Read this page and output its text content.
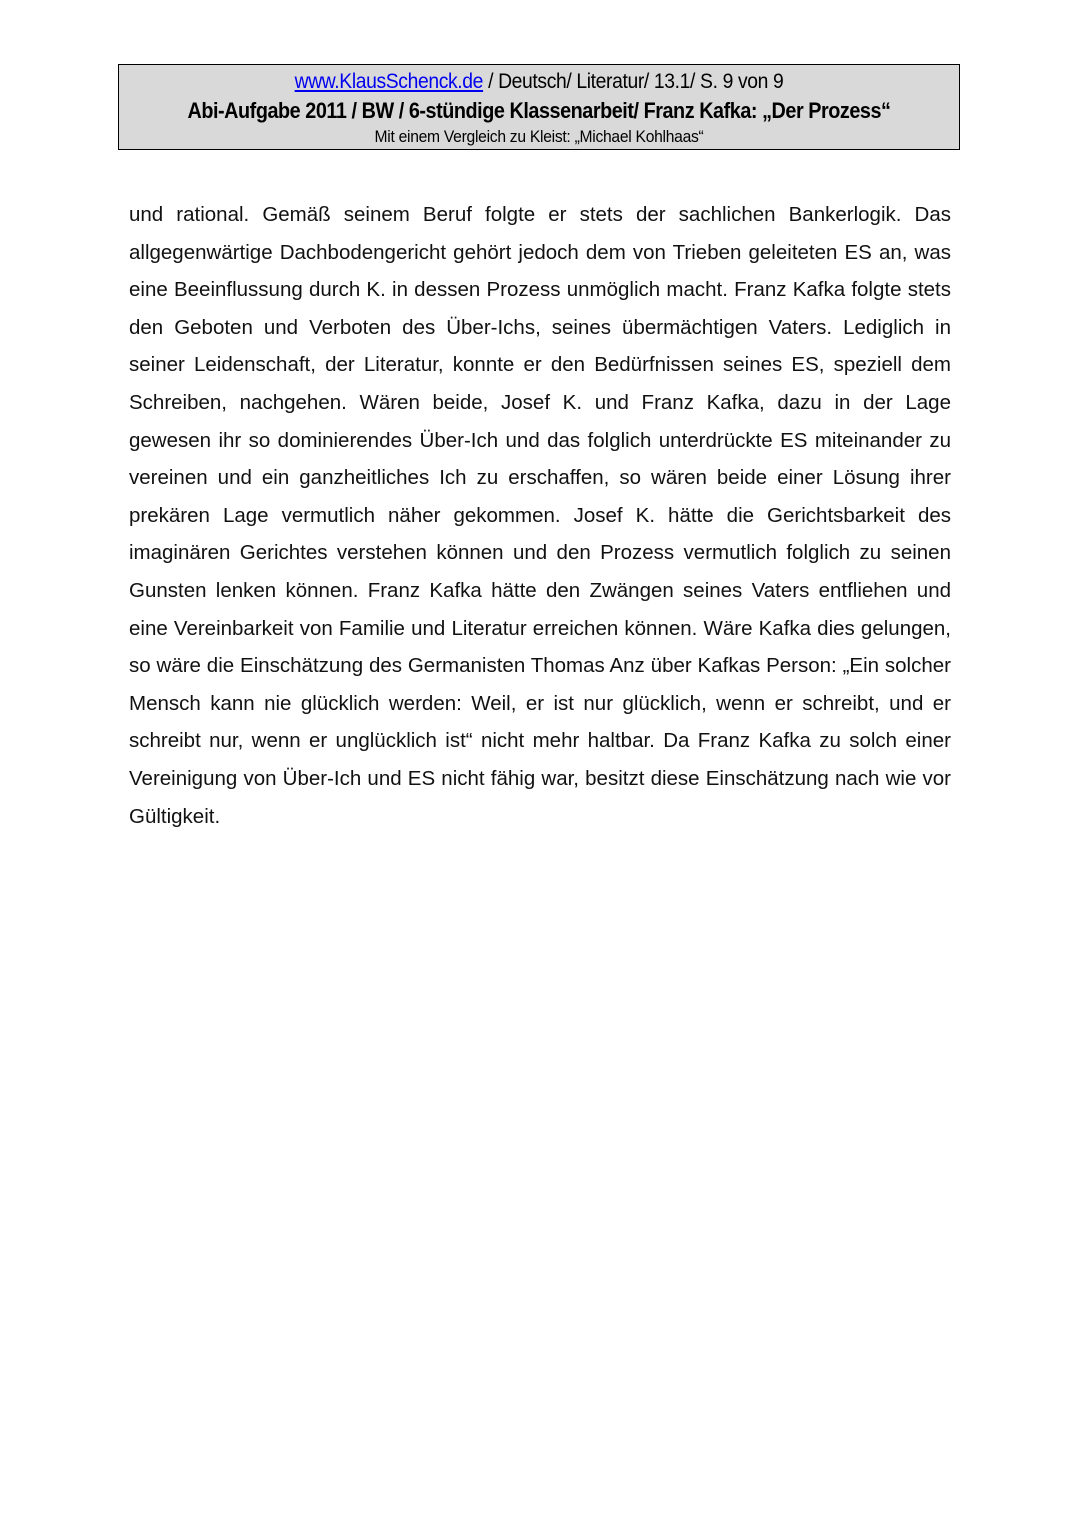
www.KlausSchenck.de / Deutsch/ Literatur/ 13.1/ S. 9 von 9
Abi-Aufgabe 2011 / BW / 6-stündige Klassenarbeit/ Franz Kafka: „Der Prozess“
Mit einem Vergleich zu Kleist: „Michael Kohlhaas“

und rational. Gemäß seinem Beruf folgte er stets der sachlichen Bankerlogik. Das allgegenwärtige Dachbodengericht gehört jedoch dem von Trieben geleiteten ES an, was eine Beeinflussung durch K. in dessen Prozess unmöglich macht. Franz Kafka folgte stets den Geboten und Verboten des Über-Ichs, seines übermächtigen Vaters. Lediglich in seiner Leidenschaft, der Literatur, konnte er den Bedürfnissen seines ES, speziell dem Schreiben, nachgehen. Wären beide, Josef K. und Franz Kafka, dazu in der Lage gewesen ihr so dominierendes Über-Ich und das folglich unterdrückte ES miteinander zu vereinen und ein ganzheitliches Ich zu erschaffen, so wären beide einer Lösung ihrer prekären Lage vermutlich näher gekommen. Josef K. hätte die Gerichtsbarkeit des imaginären Gerichtes verstehen können und den Prozess vermutlich folglich zu seinen Gunsten lenken können. Franz Kafka hätte den Zwängen seines Vaters entfliehen und eine Vereinbarkeit von Familie und Literatur erreichen können. Wäre Kafka dies gelungen, so wäre die Einschätzung des Germanisten Thomas Anz über Kafkas Person: „Ein solcher Mensch kann nie glücklich werden: Weil, er ist nur glücklich, wenn er schreibt, und er schreibt nur, wenn er unglücklich ist“ nicht mehr haltbar. Da Franz Kafka zu solch einer Vereinigung von Über-Ich und ES nicht fähig war, besitzt diese Einschätzung nach wie vor Gültigkeit.
